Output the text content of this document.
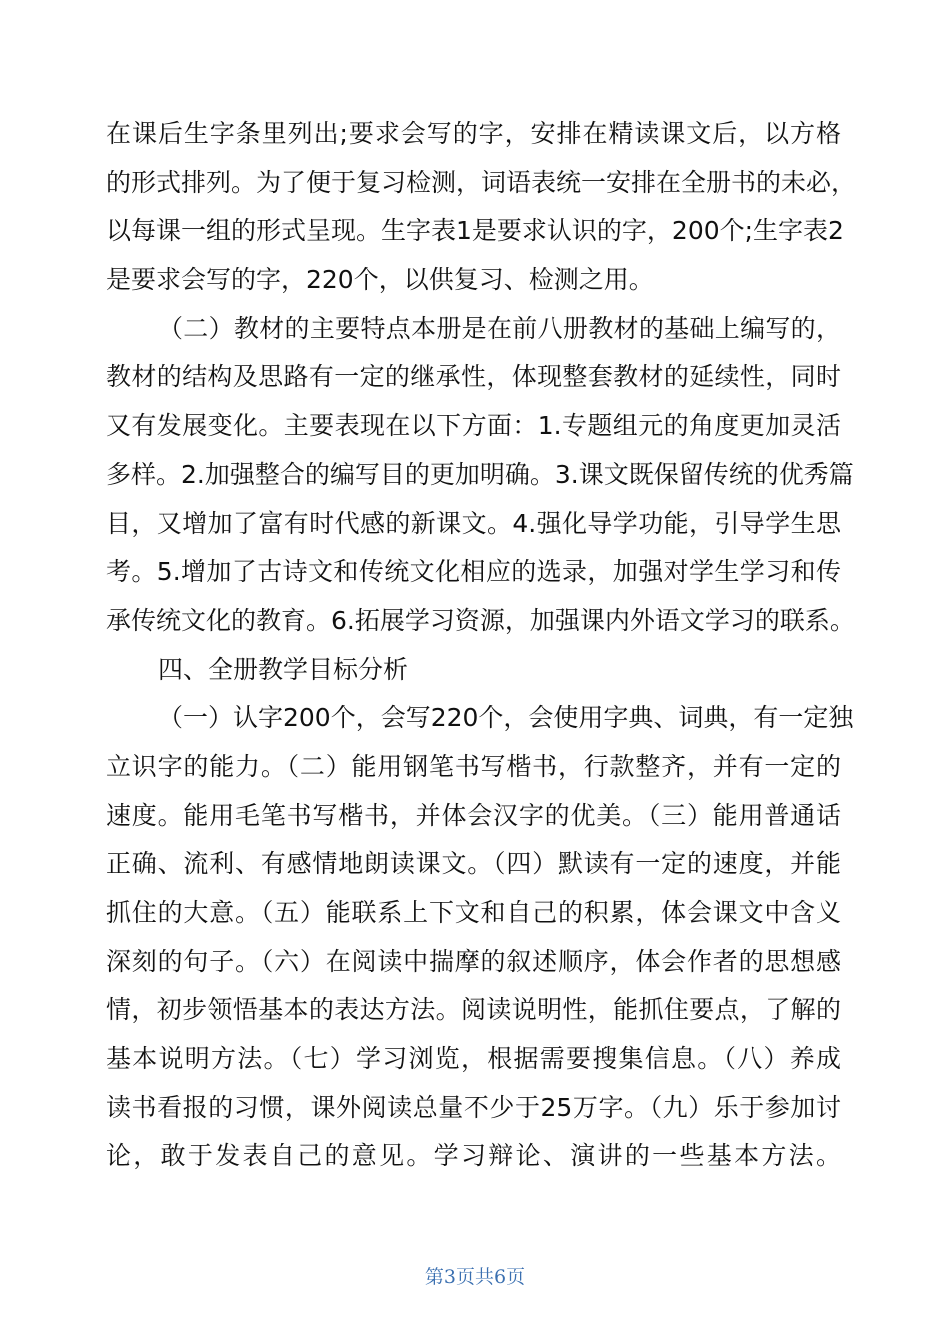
在课后生字条里列出;要求会写的字，安排在精读课文后，以方格
的形式排列。为了便于复习检测，词语表统一安排在全册书的未必，
以每课一组的形式呈现。生字表1是要求认识的字，200个;生字表2
是要求会写的字，220个，以供复习、检测之用。
（二）教材的主要特点本册是在前八册教材的基础上编写的，
教材的结构及思路有一定的继承性，体现整套教材的延续性，同时
又有发展变化。主要表现在以下方面：1.专题组元的角度更加灵活
多样。2.加强整合的编写目的更加明确。3.课文既保留传统的优秀篇
目，又增加了富有时代感的新课文。4.强化导学功能，引导学生思
考。5.增加了古诗文和传统文化相应的选录，加强对学生学习和传
承传统文化的教育。6.拓展学习资源，加强课内外语文学习的联系。
四、全册教学目标分析
（一）认字200个，会写220个，会使用字典、词典，有一定独
立识字的能力。（二）能用钢笔书写楷书，行款整齐，并有一定的
速度。能用毛笔书写楷书，并体会汉字的优美。（三）能用普通话
正确、流利、有感情地朗读课文。（四）默读有一定的速度，并能
抓住的大意。（五）能联系上下文和自己的积累，体会课文中含义
深刻的句子。（六）在阅读中揣摩的叙述顺序，体会作者的思想感
情，初步领悟基本的表达方法。阅读说明性，能抓住要点，了解的
基本说明方法。（七）学习浏览，根据需要搜集信息。（八）养成
读书看报的习惯，课外阅读总量不少于25万字。（九）乐于参加讨
论，敢于发表自己的意见。学习辩论、演讲的一些基本方法。
第3页共6页
